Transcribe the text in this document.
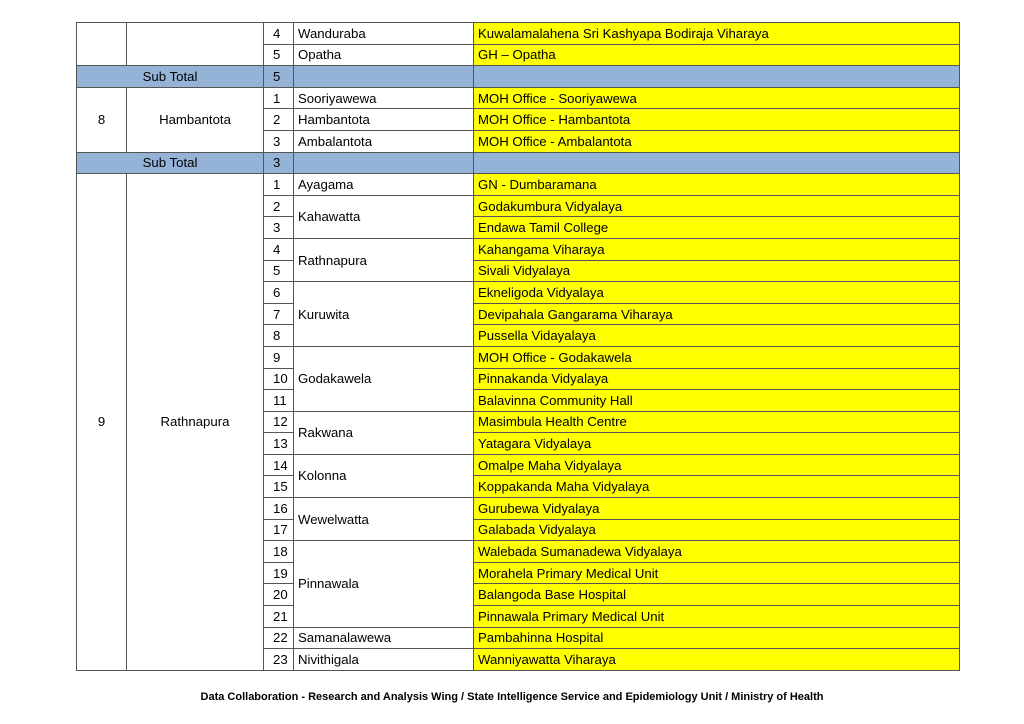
		4	Wanduraba	Kuwalamalahena Sri Kashyapa Bodiraja Viharaya
		5	Opatha	GH – Opatha
Sub Total		5		
8	Hambantota	1	Sooriyawewa	MOH Office - Sooriyawewa
		2	Hambantota	MOH Office - Hambantota
		3	Ambalantota	MOH Office - Ambalantota
Sub Total		3		
9	Rathnapura	1	Ayagama	GN - Dumbaramana
		2	Kahawatta	Godakumbura Vidyalaya
		3		Endawa Tamil College
		4	Rathnapura	Kahangama Viharaya
		5		Sivali Vidyalaya
		6	Kuruwita	Ekneligoda Vidyalaya
		7		Devipahala Gangarama Viharaya
		8		Pussella Vidayalaya
		9	Godakawela	MOH Office - Godakawela
		10		Pinnakanda Vidyalaya
		11		Balavinna Community Hall
		12	Rakwana	Masimbula Health Centre
		13		Yatagara Vidyalaya
		14	Kolonna	Omalpe Maha Vidyalaya
		15		Koppakanda Maha Vidyalaya
		16	Wewelwatta	Gurubewa Vidyalaya
		17		Galabada Vidyalaya
		18	Pinnawala	Walebada Sumanadewa Vidyalaya
		19		Morahela Primary Medical Unit
		20		Balangoda Base Hospital
		21		Pinnawala Primary Medical Unit
		22	Samanalawewa	Pambahinna Hospital
		23	Nivithigala	Wanniyawatta Viharaya
Data Collaboration - Research and Analysis Wing / State Intelligence Service and Epidemiology Unit / Ministry of Health
